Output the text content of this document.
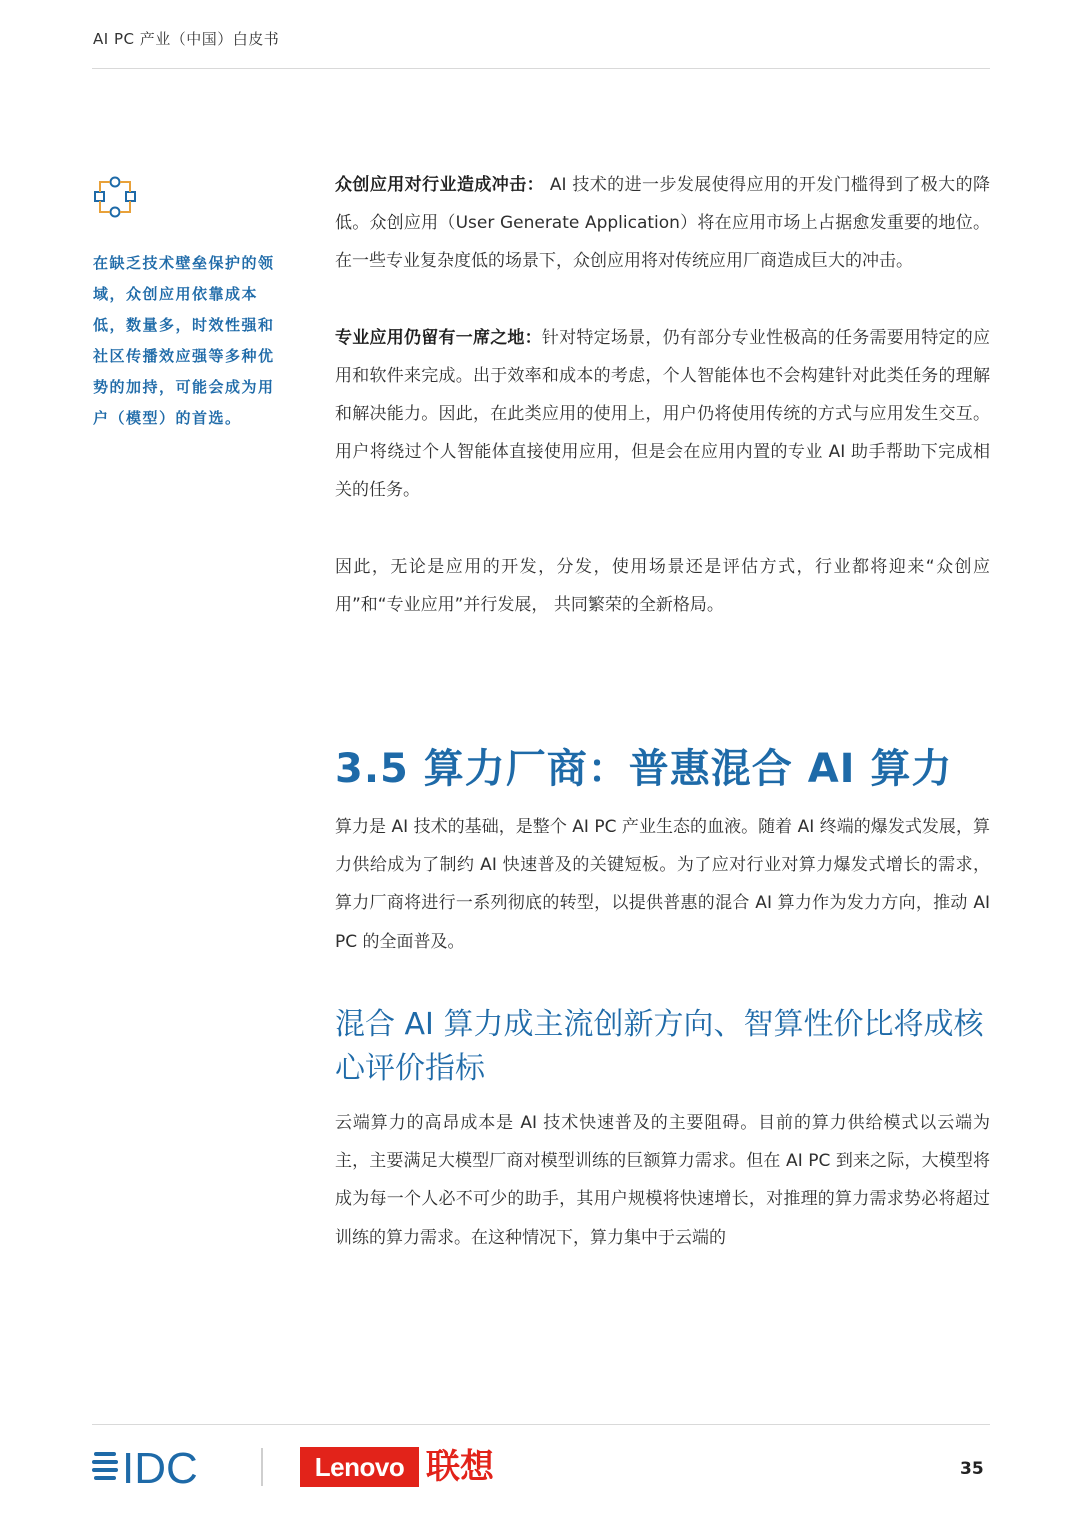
AI PC 产业（中国）白皮书
在缺乏技术壁垒保护的领域，众创应用依靠成本低，数量多，时效性强和社区传播效应强等多种优势的加持，可能会成为用户（模型）的首选。

众创应用对行业造成冲击： AI 技术的进一步发展使得应用的开发门槛得到了极大的降低。众创应用（User Generate Application）将在应用市场上占据愈发重要的地位。在一些专业复杂度低的场景下，众创应用将对传统应用厂商造成巨大的冲击。

专业应用仍留有一席之地：针对特定场景，仍有部分专业性极高的任务需要用特定的应用和软件来完成。出于效率和成本的考虑，个人智能体也不会构建针对此类任务的理解和解决能力。因此，在此类应用的使用上，用户仍将使用传统的方式与应用发生交互。用户将绕过个人智能体直接使用应用，但是会在应用内置的专业 AI 助手帮助下完成相关的任务。

因此，无论是应用的开发，分发，使用场景还是评估方式，行业都将迎来“众创应用”和“专业应用”并行发展， 共同繁荣的全新格局。

3.5 算力厂商：普惠混合 AI 算力

算力是 AI 技术的基础，是整个 AI PC 产业生态的血液。随着 AI 终端的爆发式发展，算力供给成为了制约 AI 快速普及的关键短板。为了应对行业对算力爆发式增长的需求，算力厂商将进行一系列彻底的转型，以提供普惠的混合 AI 算力作为发力方向，推动 AI PC 的全面普及。

混合 AI 算力成主流创新方向、智算性价比将成核心评价指标

云端算力的高昂成本是 AI 技术快速普及的主要阻碍。目前的算力供给模式以云端为主，主要满足大模型厂商对模型训练的巨额算力需求。但在 AI PC 到来之际，大模型将成为每一个人必不可少的助手，其用户规模将快速增长，对推理的算力需求势必将超过训练的算力需求。在这种情况下，算力集中于云端的

IDC	Lenovo 联想	35
